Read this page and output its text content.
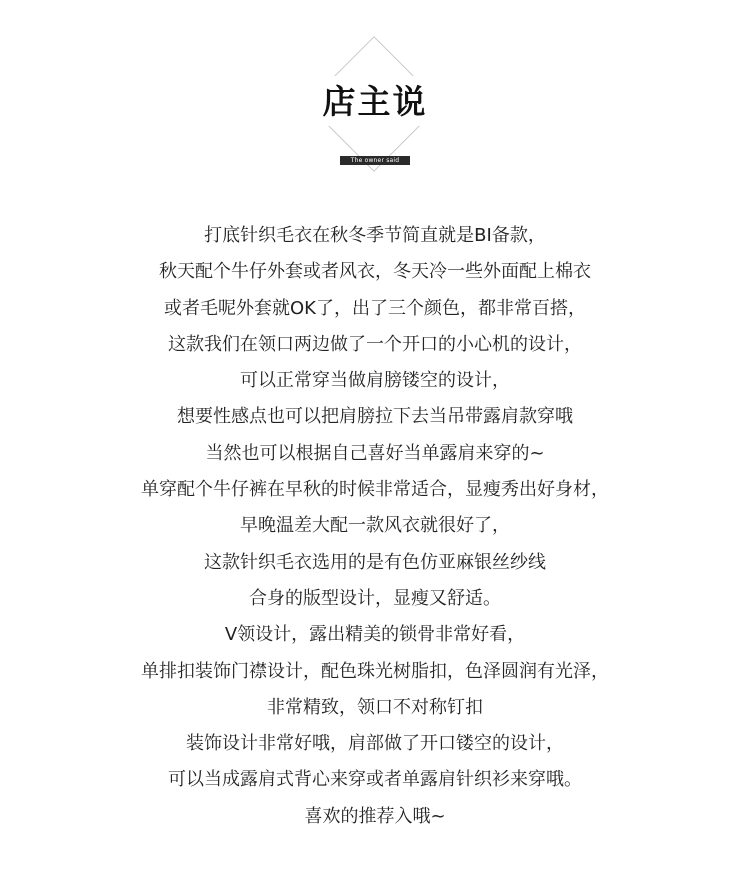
店主说
The owner said
打底针织毛衣在秋冬季节简直就是BI备款，
秋天配个牛仔外套或者风衣，冬天冷一些外面配上棉衣
或者毛呢外套就OK了，出了三个颜色，都非常百搭，
这款我们在领口两边做了一个开口的小心机的设计，
可以正常穿当做肩膀镂空的设计，
想要性感点也可以把肩膀拉下去当吊带露肩款穿哦
当然也可以根据自己喜好当单露肩来穿的~
单穿配个牛仔裤在早秋的时候非常适合，显瘦秀出好身材，
早晚温差大配一款风衣就很好了，
这款针织毛衣选用的是有色仿亚麻银丝纱线
合身的版型设计，显瘦又舒适。
V领设计，露出精美的锁骨非常好看，
单排扣装饰门襟设计，配色珠光树脂扣，色泽圆润有光泽，
非常精致，领口不对称钉扣
装饰设计非常好哦，肩部做了开口镂空的设计，
可以当成露肩式背心来穿或者单露肩针织衫来穿哦。
喜欢的推荐入哦~
